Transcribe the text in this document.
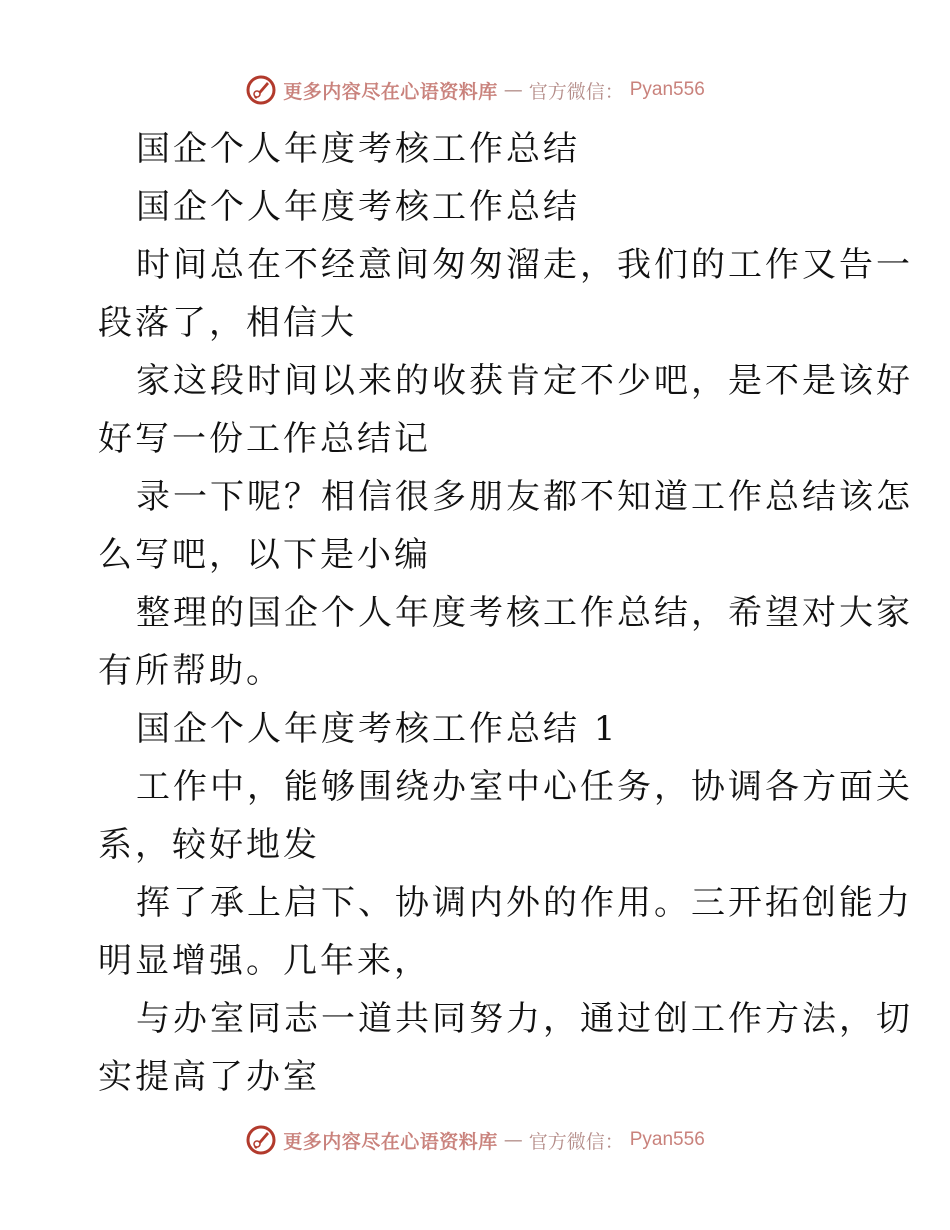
更多内容尽在心语资料库 — 官方微信： Pyan556
国企个人年度考核工作总结
国企个人年度考核工作总结
时间总在不经意间匆匆溜走，我们的工作又告一
段落了，相信大
家这段时间以来的收获肯定不少吧，是不是该好
好写一份工作总结记
录一下呢？相信很多朋友都不知道工作总结该怎
么写吧，以下是小编
整理的国企个人年度考核工作总结，希望对大家
有所帮助。
国企个人年度考核工作总结 1
工作中，能够围绕办室中心任务，协调各方面关
系，较好地发
挥了承上启下、协调内外的作用。三开拓创能力
明显增强。几年来，
与办室同志一道共同努力，通过创工作方法，切
实提高了办室
更多内容尽在心语资料库 — 官方微信： Pyan556
